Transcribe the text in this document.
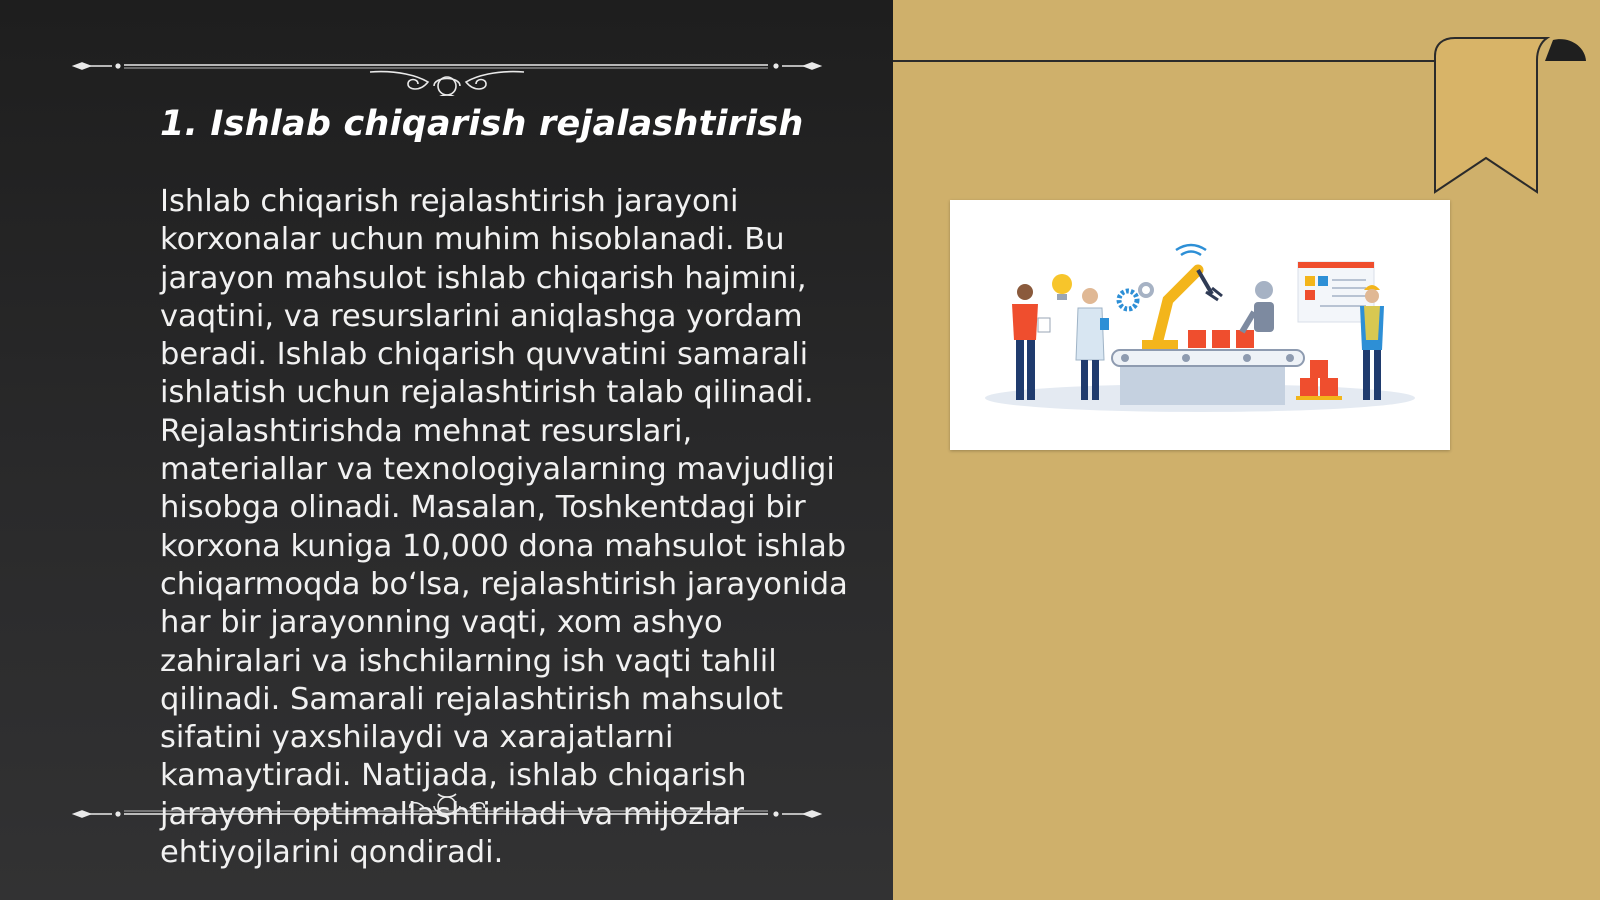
1. Ishlab chiqarish rejalashtirish

Ishlab chiqarish rejalashtirish jarayoni korxonalar uchun muhim hisoblanadi. Bu jarayon mahsulot ishlab chiqarish hajmini, vaqtini, va resurslarini aniqlashga yordam beradi. Ishlab chiqarish quvvatini samarali ishlatish uchun rejalashtirish talab qilinadi. Rejalashtirishda mehnat resurslari, materiallar va texnologiyalarning mavjudligi hisobga olinadi. Masalan, Toshkentdagi bir korxona kuniga 10,000 dona mahsulot ishlab chiqarmoqda boʻlsa, rejalashtirish jarayonida har bir jarayonning vaqti, xom ashyo zahiralari va ishchilarning ish vaqti tahlil qilinadi. Samarali rejalashtirish mahsulot sifatini yaxshilaydi va xarajatlarni kamaytiradi. Natijada, ishlab chiqarish jarayoni optimallashtiriladi va mijozlar ehtiyojlarini qondiradi.
